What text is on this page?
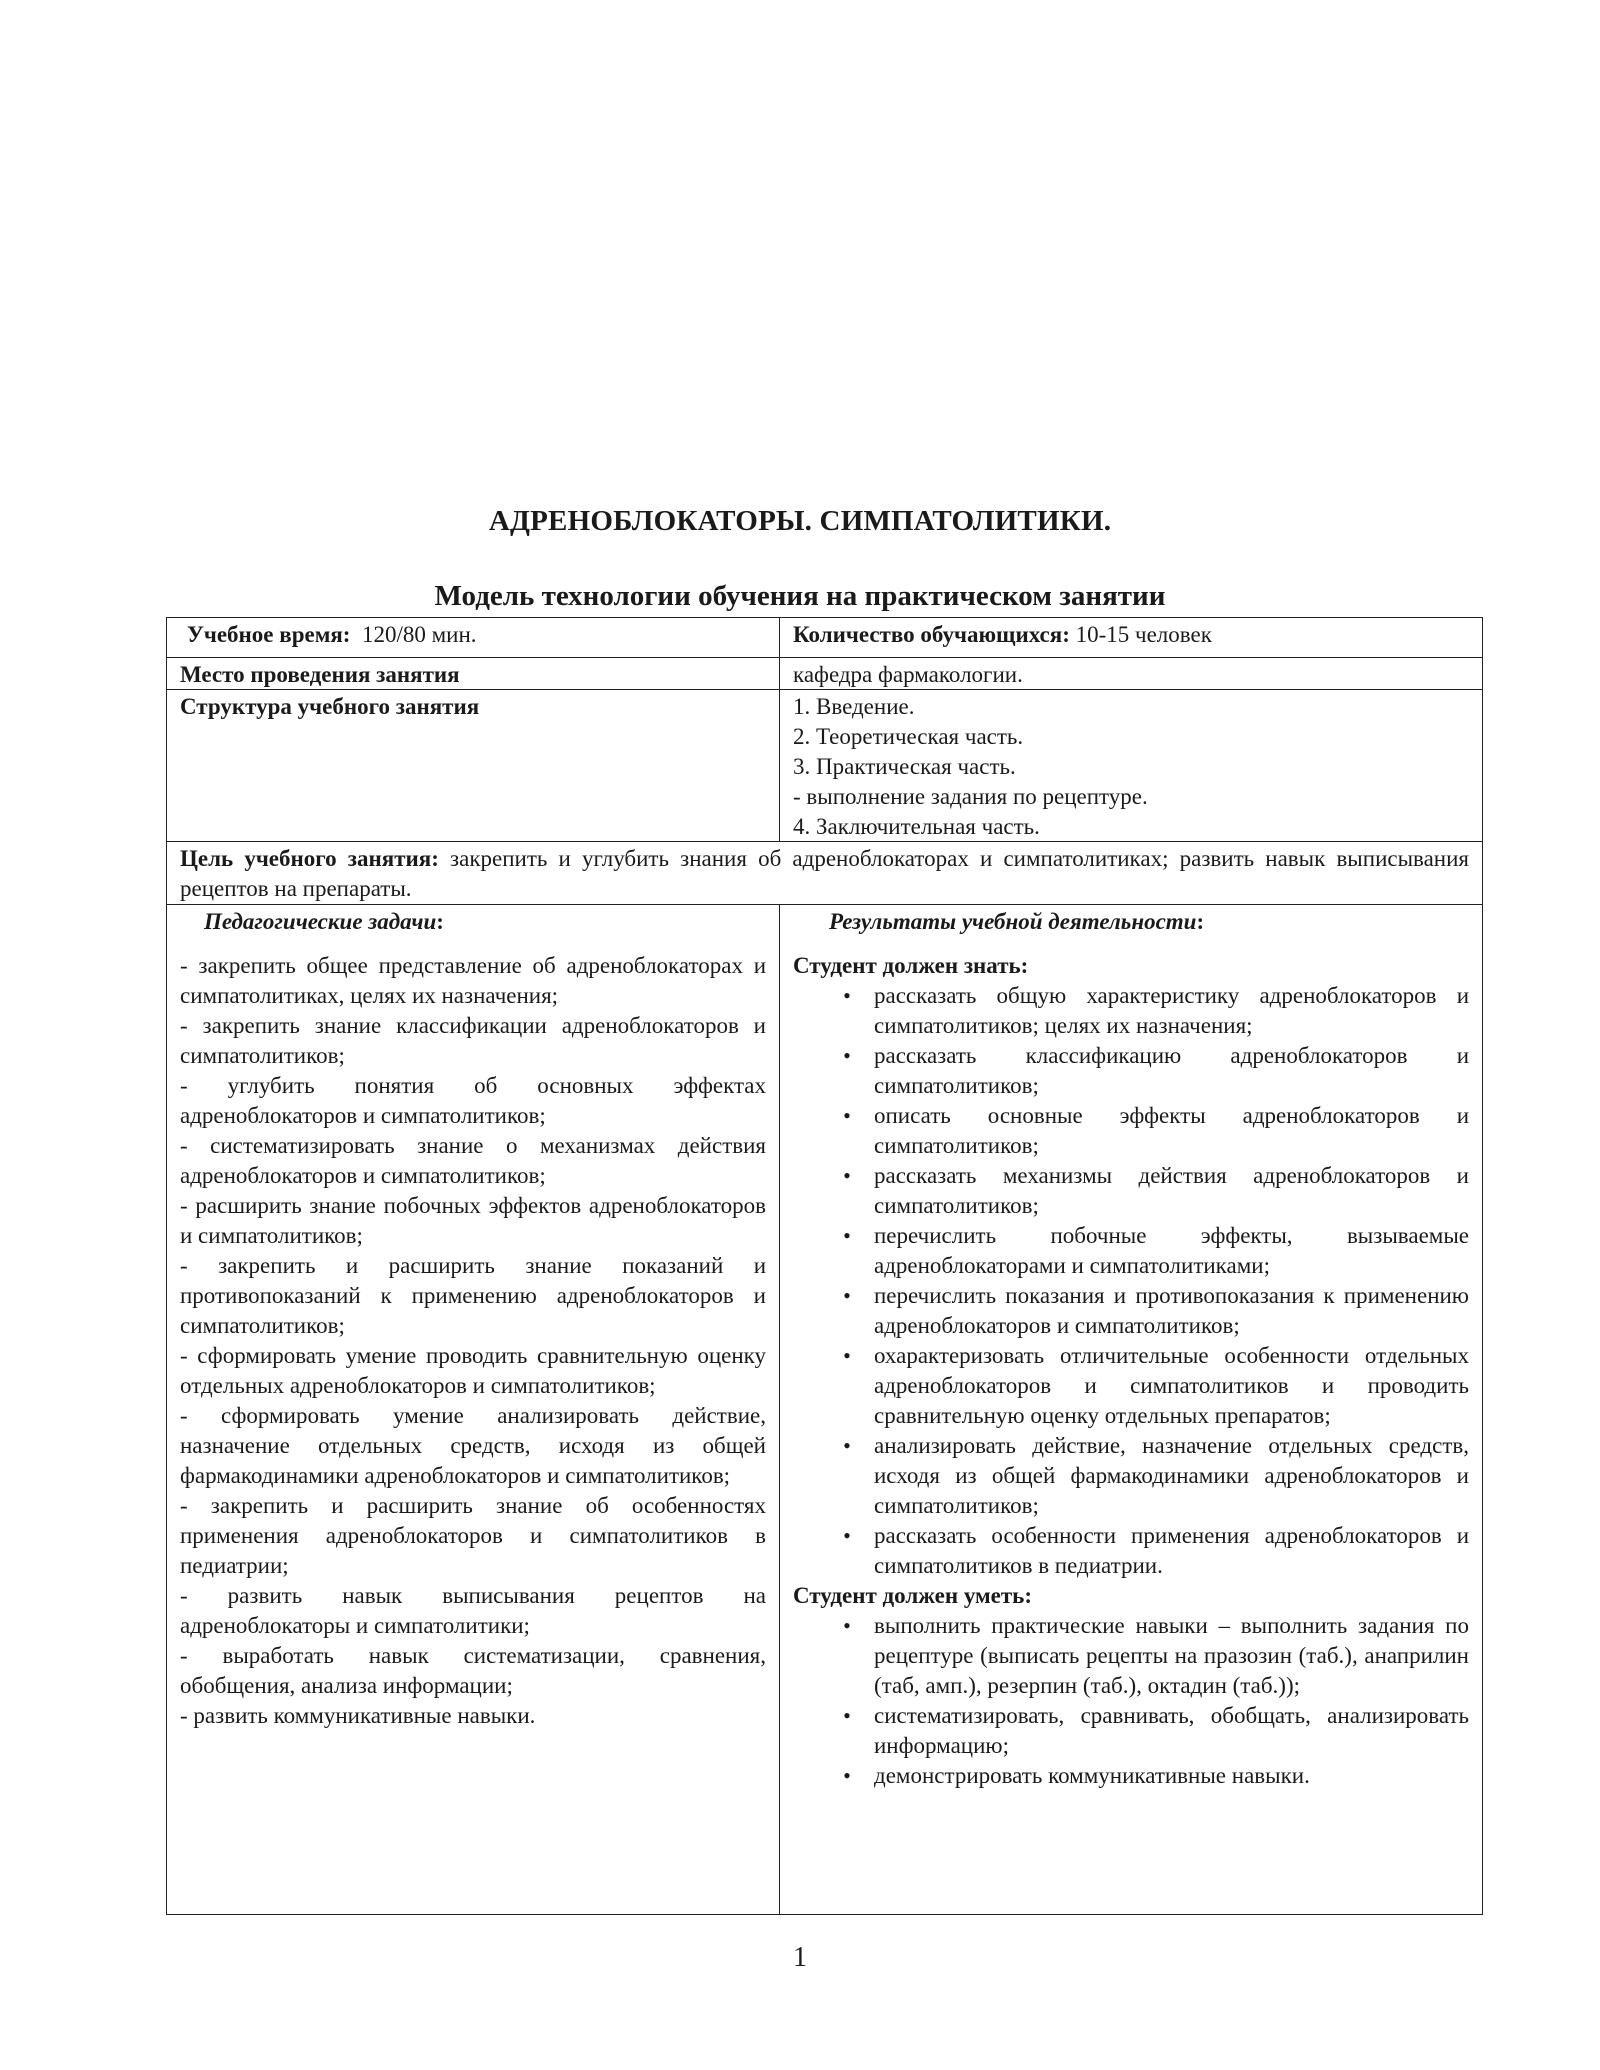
АДРЕНОБЛОКАТОРЫ. СИМПАТОЛИТИКИ.
Модель технологии обучения на практическом занятии
Учебное время: 120/80 мин.	Количество обучающихся: 10-15 человек
Место проведения занятия	кафедра фармакологии.
Структура учебного занятия	1. Введение.
2. Теоретическая часть.
3. Практическая часть.
- выполнение задания по рецептуре.
4. Заключительная часть.
Цель учебного занятия: закрепить и углубить знания об адреноблокаторах и симпатолитиках; развить навык выписывания рецептов на препараты.
Педагогические задачи:
- закрепить общее представление об адреноблокаторах и симпатолитиках, целях их назначения;
- закрепить знание классификации адреноблокаторов и симпатолитиков;
- углубить понятия об основных эффектах адреноблокаторов и симпатолитиков;
- систематизировать знание о механизмах действия адреноблокаторов и симпатолитиков;
- расширить знание побочных эффектов адреноблокаторов и симпатолитиков;
- закрепить и расширить знание показаний и противопоказаний к применению адреноблокаторов и симпатолитиков;
- сформировать умение проводить сравнительную оценку отдельных адреноблокаторов и симпатолитиков;
- сформировать умение анализировать действие, назначение отдельных средств, исходя из общей фармакодинамики адреноблокаторов и симпатолитиков;
- закрепить и расширить знание об особенностях применения адреноблокаторов и симпатолитиков в педиатрии;
- развить навык выписывания рецептов на адреноблокаторы и симпатолитики;
- выработать навык систематизации, сравнения, обобщения, анализа информации;
- развить коммуникативные навыки.
Результаты учебной деятельности:
Студент должен знать:
• рассказать общую характеристику адреноблокаторов и симпатолитиков; целях их назначения;
• рассказать классификацию адреноблокаторов и симпатолитиков;
• описать основные эффекты адреноблокаторов и симпатолитиков;
• рассказать механизмы действия адреноблокаторов и симпатолитиков;
• перечислить побочные эффекты, вызываемые адреноблокаторами и симпатолитиками;
• перечислить показания и противопоказания к применению адреноблокаторов и симпатолитиков;
• охарактеризовать отличительные особенности отдельных адреноблокаторов и симпатолитиков и проводить сравнительную оценку отдельных препаратов;
• анализировать действие, назначение отдельных средств, исходя из общей фармакодинамики адреноблокаторов и симпатолитиков;
• рассказать особенности применения адреноблокаторов и симпатолитиков в педиатрии.
Студент должен уметь:
• выполнить практические навыки – выполнить задания по рецептуре (выписать рецепты на празозин (таб.), анаприлин (таб, амп.), резерпин (таб.), октадин (таб.));
• систематизировать, сравнивать, обобщать, анализировать информацию;
• демонстрировать коммуникативные навыки.
1
